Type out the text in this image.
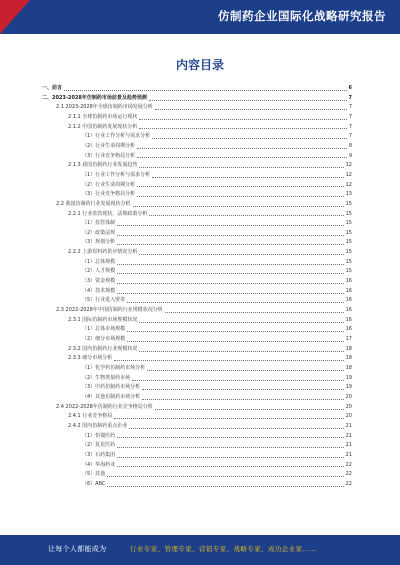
仿制药企业国际化战略研究报告
内容目录
一、前言	6
二、2023-2028年仿制药市场前景及趋势预测	7
2.1 2023-2028年全球仿制药市场发展分析	7
2.1.1 全球仿制药市场运行现状	7
2.1.2 中国仿制药发展现状分析	7
（1）行业工作分析与需求分析	7
（2）行业生命周期分析	8
（3）行业竞争格局分析	9
2.1.3 我国仿制药行业发展趋势	12
（1）行业工作分析与需求分析	12
（2）行业生命周期分析	12
（3）行业竞争格局分析	13
2.2 我国仿制药行业发展现状分析	15
2.2.1 行业监管现状、法规政策分析	15
（1）监管体制	15
（2）政策法规	15
（3）规划分析	15
2.2.2 上游原料药供应情况分析	15
（1）总体规模	15
（2）人才规模	15
（3）资金规模	16
（4）技术规模	16
（5）行业进入壁垒	16
2.3 2022-2028年中国仿制药行业规模状况分析	16
2.3.1 国际仿制药市场规模状况	16
（1）总体市场规模	16
（2）细分市场规模	17
2.3.2 国内仿制药行业规模状况	18
2.3.3 细分市场分析	18
（1）化学药仿制药市场分析	18
（2）生物类似药市场	19
（3）中药仿制药市场分析	19
（4）其他仿制药市场分析	20
2.4 2022-2028年仿制药行业竞争格局分析	20
2.4.1 行业竞争格局	20
2.4.2 国内仿制药重点企业	21
（1）恒瑞医药	21
（2）复星医药	21
（3）石药集团	21
（4）华海药业	22
（5）其他	22
（6）ABC	22
让每个人都能成为	行业专家、管理专家、营销专家、战略专家、成功企业家……
